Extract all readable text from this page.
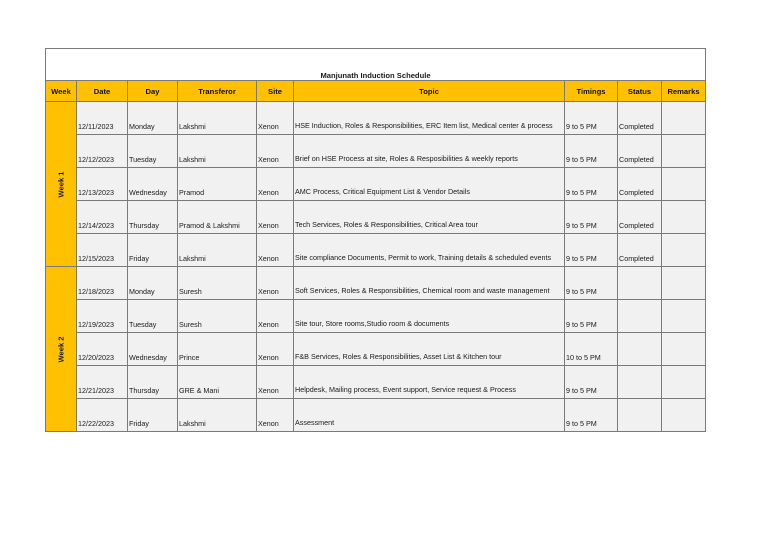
Manjunath Induction Schedule								
Week	Date	Day	Transferor	Site	Topic	Timings	Status	Remarks
Week 1	12/11/2023	Monday	Lakshmi	Xenon	HSE Induction, Roles & Responsibilities, ERC Item list, Medical center & process	9 to 5 PM	Completed	
	12/12/2023	Tuesday	Lakshmi	Xenon	Brief on HSE Process at site, Roles & Resposibilities & weekly reports	9 to 5 PM	Completed	
	12/13/2023	Wednesday	Pramod	Xenon	AMC Process, Critical Equipment List & Vendor Details	9 to 5 PM	Completed	
	12/14/2023	Thursday	Pramod & Lakshmi	Xenon	Tech Services, Roles & Responsibilities, Critical Area tour	9 to 5 PM	Completed	
	12/15/2023	Friday	Lakshmi	Xenon	Site compliance Documents, Permit to work, Training details & scheduled events	9 to 5 PM	Completed	
Week 2	12/18/2023	Monday	Suresh	Xenon	Soft Services, Roles & Responsibilities, Chemical room and waste management	9 to 5 PM		
	12/19/2023	Tuesday	Suresh	Xenon	Site tour, Store rooms,Studio room & documents	9 to 5 PM		
	12/20/2023	Wednesday	Prince	Xenon	F&B Services, Roles & Responsibilities, Asset List & Kitchen tour	10 to 5 PM		
	12/21/2023	Thursday	GRE & Mani	Xenon	Helpdesk, Mailing process, Event support, Service request & Process	9 to 5 PM		
	12/22/2023	Friday	Lakshmi	Xenon	Assessment	9 to 5 PM		
